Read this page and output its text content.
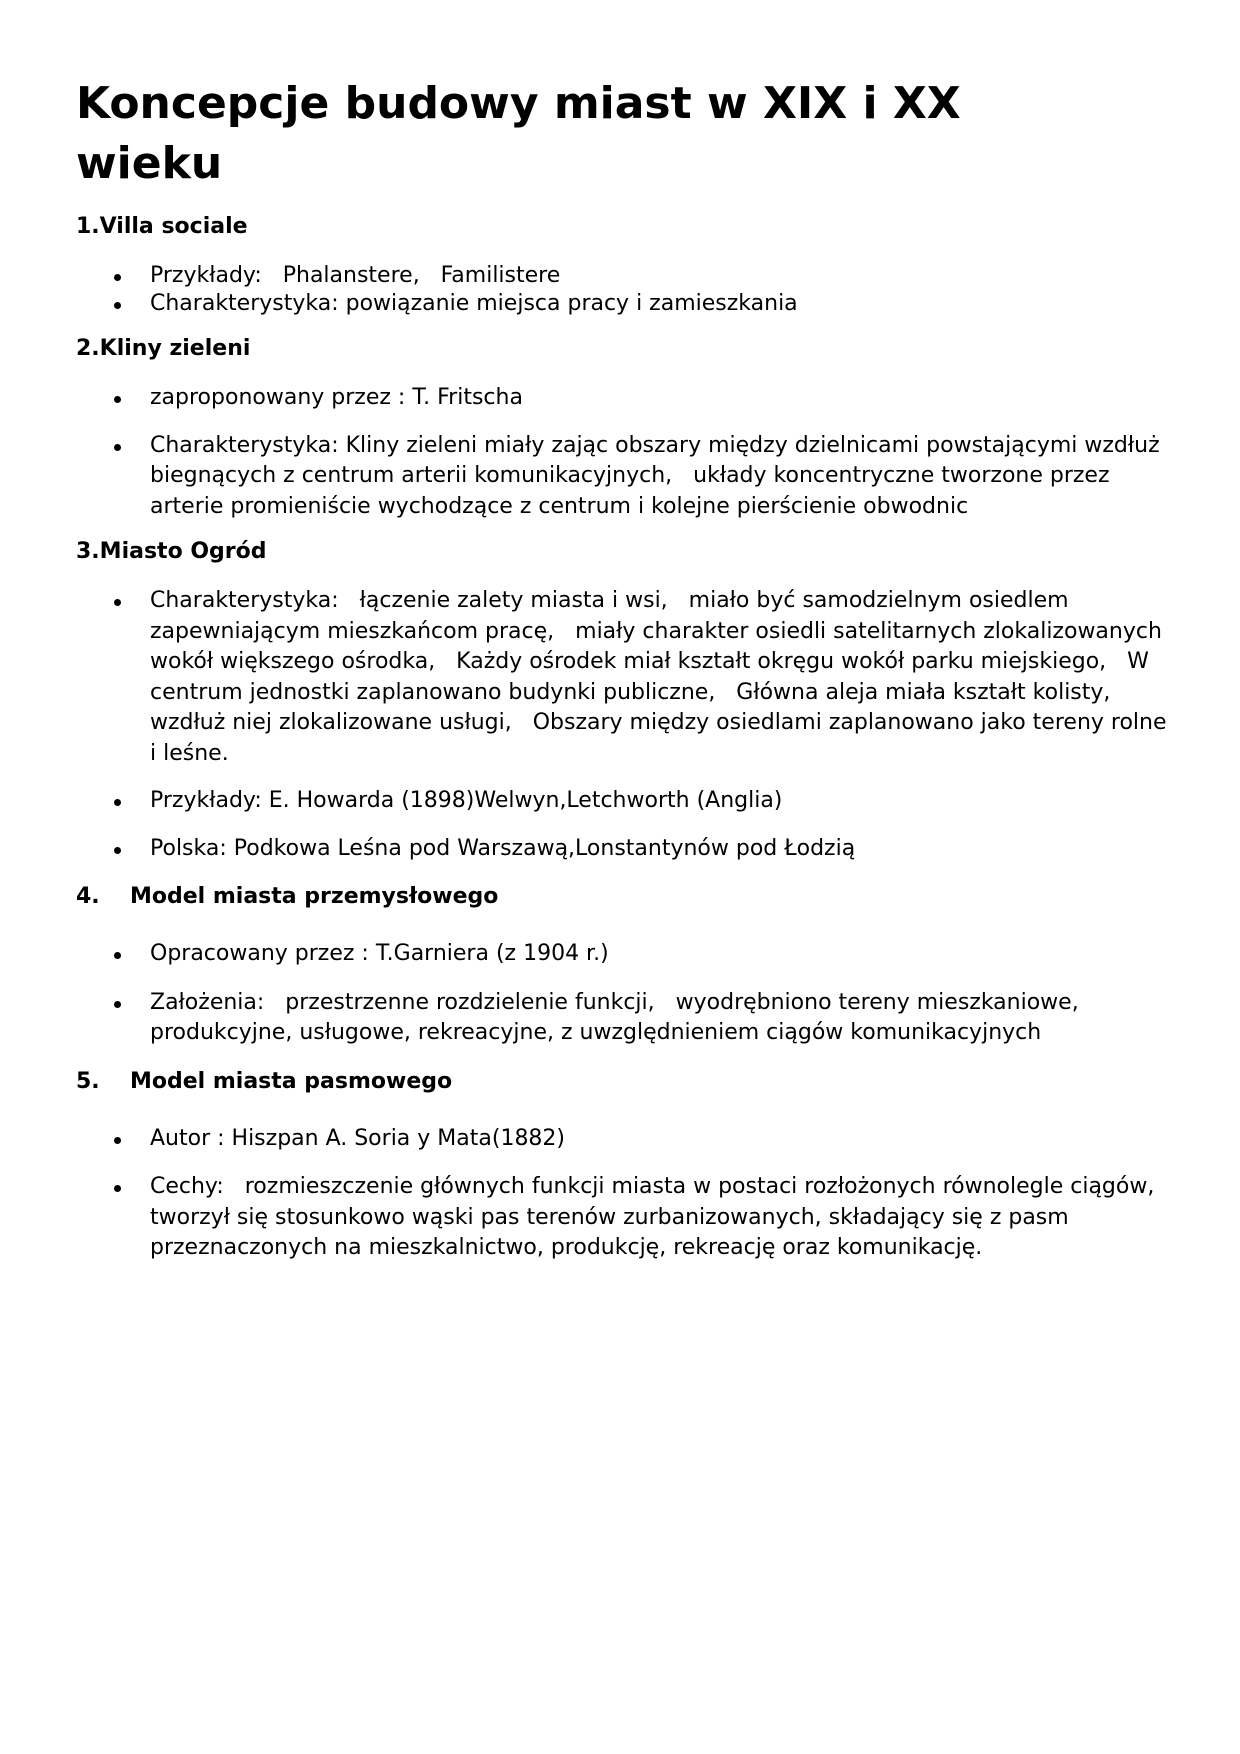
Koncepcje budowy miast w XIX i XX wieku
1. Villa sociale
Przykłady:   Phalanstere,   Familistere
Charakterystyka: powiązanie miejsca pracy i zamieszkania
2. Kliny zieleni
zaproponowany przez : T. Fritscha
Charakterystyka: Kliny zieleni miały zając obszary między dzielnicami powstającymi wzdłuż biegnących z centrum arterii komunikacyjnych,   układy koncentryczne tworzone przez arterie promieniście wychodzące z centrum i kolejne pierścienie obwodnic
3. Miasto Ogród
Charakterystyka:   łączenie zalety miasta i wsi,   miało być samodzielnym osiedlem zapewniającym mieszkańcom pracę,   miały charakter osiedli satelitarnych zlokalizowanych wokół większego ośrodka,   Każdy ośrodek miał kształt okręgu wokół parku miejskiego,   W centrum jednostki zaplanowano budynki publiczne,   Główna aleja miała kształt kolisty, wzdłuż niej zlokalizowane usługi,   Obszary między osiedlami zaplanowano jako tereny rolne i leśne.
Przykłady: E. Howarda (1898)Welwyn,Letchworth (Anglia)
Polska: Podkowa Leśna pod Warszawą,Lonstantynów pod Łodzią
4.	Model miasta przemysłowego
Opracowany przez : T.Garniera (z 1904 r.)
Założenia:   przestrzenne rozdzielenie funkcji,   wyodrębniono tereny mieszkaniowe, produkcyjne, usługowe, rekreacyjne, z uwzględnieniem ciągów komunikacyjnych
5.	Model miasta pasmowego
Autor : Hiszpan A. Soria y Mata(1882)
Cechy:   rozmieszczenie głównych funkcji miasta w postaci rozłożonych równolegle ciągów,   tworzył się stosunkowo wąski pas terenów zurbanizowanych, składający się z pasm przeznaczonych na mieszkalnictwo, produkcję, rekreację oraz komunikację.
